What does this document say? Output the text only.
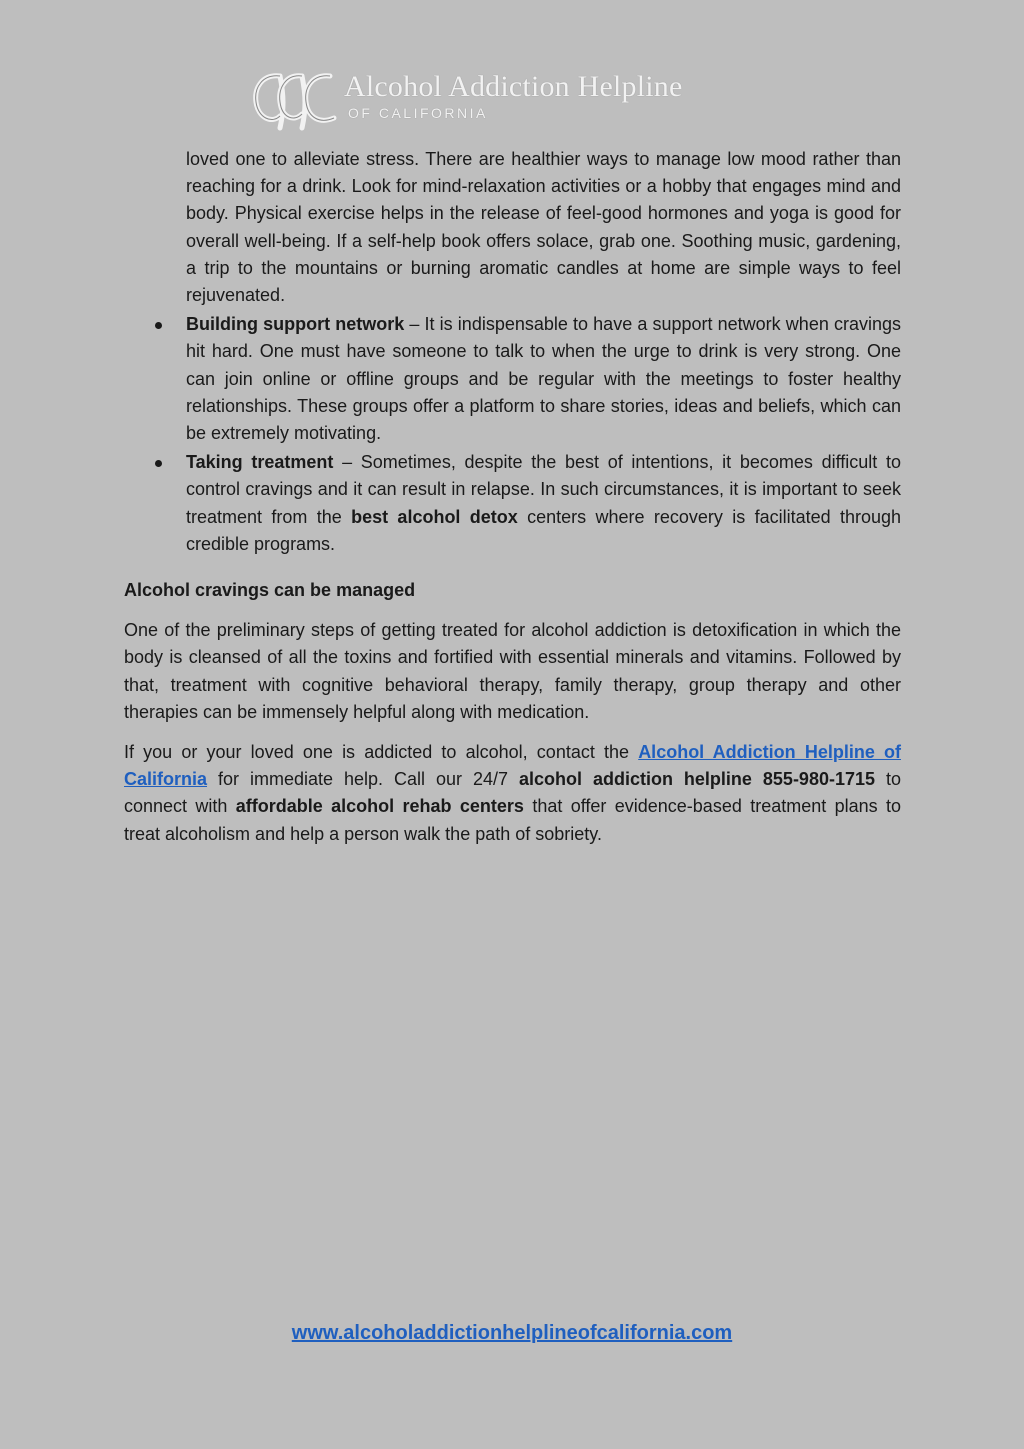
Alcohol Addiction Helpline
OF CALIFORNIA

loved one to alleviate stress. There are healthier ways to manage low mood rather than reaching for a drink. Look for mind-relaxation activities or a hobby that engages mind and body. Physical exercise helps in the release of feel-good hormones and yoga is good for overall well-being. If a self-help book offers solace, grab one. Soothing music, gardening, a trip to the mountains or burning aromatic candles at home are simple ways to feel rejuvenated.

Building support network – It is indispensable to have a support network when cravings hit hard. One must have someone to talk to when the urge to drink is very strong. One can join online or offline groups and be regular with the meetings to foster healthy relationships. These groups offer a platform to share stories, ideas and beliefs, which can be extremely motivating.
Taking treatment – Sometimes, despite the best of intentions, it becomes difficult to control cravings and it can result in relapse. In such circumstances, it is important to seek treatment from the best alcohol detox centers where recovery is facilitated through credible programs.

Alcohol cravings can be managed

One of the preliminary steps of getting treated for alcohol addiction is detoxification in which the body is cleansed of all the toxins and fortified with essential minerals and vitamins. Followed by that, treatment with cognitive behavioral therapy, family therapy, group therapy and other therapies can be immensely helpful along with medication.

If you or your loved one is addicted to alcohol, contact the Alcohol Addiction Helpline of California for immediate help. Call our 24/7 alcohol addiction helpline 855-980-1715 to connect with affordable alcohol rehab centers that offer evidence-based treatment plans to treat alcoholism and help a person walk the path of sobriety.

www.alcoholaddictionhelplineofcalifornia.com
